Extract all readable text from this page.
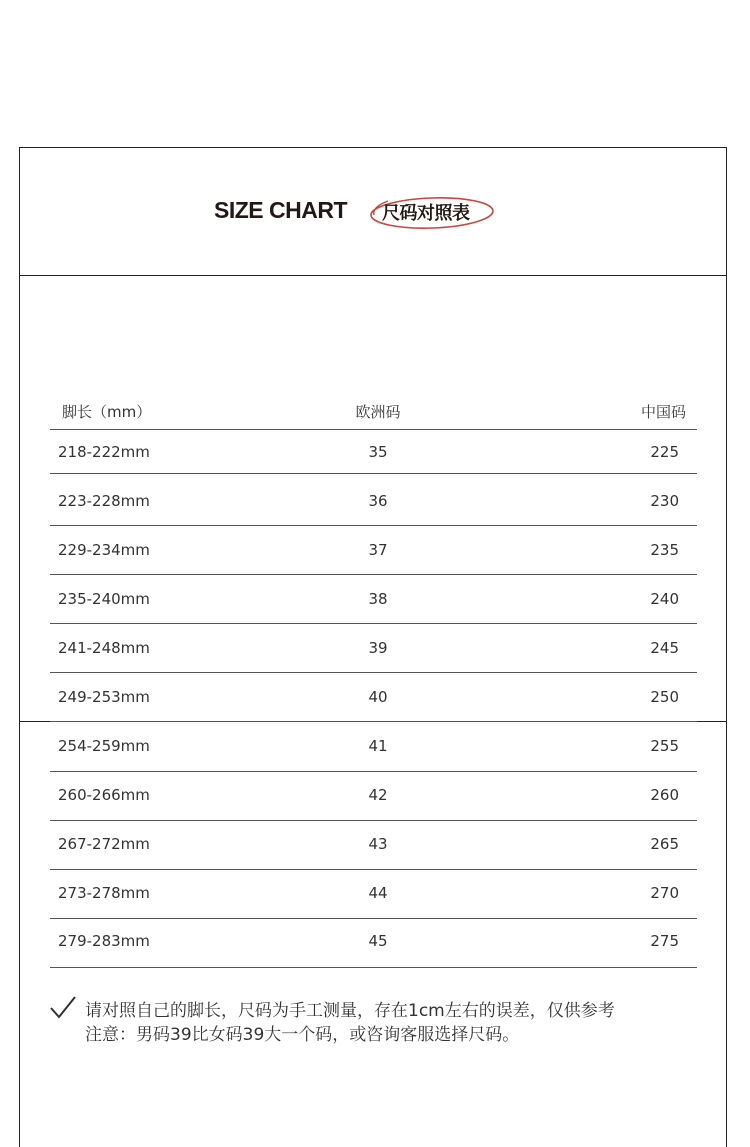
SIZE CHART 尺码对照表
脚长（mm）	欧洲码	中国码
218-222mm	35	225
223-228mm	36	230
229-234mm	37	235
235-240mm	38	240
241-248mm	39	245
249-253mm	40	250
254-259mm	41	255
260-266mm	42	260
267-272mm	43	265
273-278mm	44	270
279-283mm	45	275
请对照自己的脚长，尺码为手工测量，存在1cm左右的误差，仅供参考
注意：男码39比女码39大一个码，或咨询客服选择尺码。
